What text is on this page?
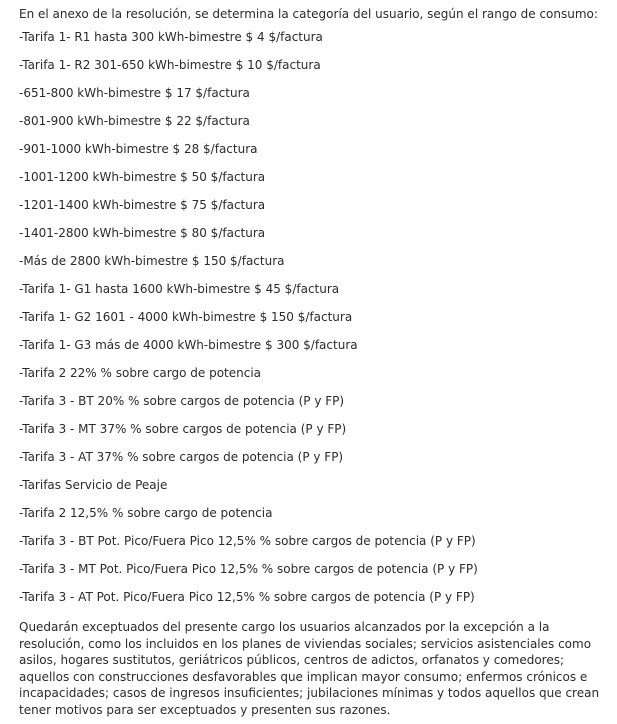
En el anexo de la resolución, se determina la categoría del usuario, según el rango de consumo:

-Tarifa 1- R1 hasta 300 kWh-bimestre $ 4 $/factura
-Tarifa 1- R2 301-650 kWh-bimestre $ 10 $/factura
-651-800 kWh-bimestre $ 17 $/factura
-801-900 kWh-bimestre $ 22 $/factura
-901-1000 kWh-bimestre $ 28 $/factura
-1001-1200 kWh-bimestre $ 50 $/factura
-1201-1400 kWh-bimestre $ 75 $/factura
-1401-2800 kWh-bimestre $ 80 $/factura
-Más de 2800 kWh-bimestre $ 150 $/factura
-Tarifa 1- G1 hasta 1600 kWh-bimestre $ 45 $/factura
-Tarifa 1- G2 1601 - 4000 kWh-bimestre $ 150 $/factura
-Tarifa 1- G3 más de 4000 kWh-bimestre $ 300 $/factura
-Tarifa 2 22% % sobre cargo de potencia
-Tarifa 3 - BT 20% % sobre cargos de potencia (P y FP)
-Tarifa 3 - MT 37% % sobre cargos de potencia (P y FP)
-Tarifa 3 - AT 37% % sobre cargos de potencia (P y FP)
-Tarifas Servicio de Peaje
-Tarifa 2 12,5% % sobre cargo de potencia
-Tarifa 3 - BT Pot. Pico/Fuera Pico 12,5% % sobre cargos de potencia (P y FP)
-Tarifa 3 - MT Pot. Pico/Fuera Pico 12,5% % sobre cargos de potencia (P y FP)
-Tarifa 3 - AT Pot. Pico/Fuera Pico 12,5% % sobre cargos de potencia (P y FP)

Quedarán exceptuados del presente cargo los usuarios alcanzados por la excepción a la resolución, como los incluidos en los planes de viviendas sociales; servicios asistenciales como asilos, hogares sustitutos, geriátricos públicos, centros de adictos, orfanatos y comedores; aquellos con construcciones desfavorables que implican mayor consumo; enfermos crónicos e incapacidades; casos de ingresos insuficientes; jubilaciones mínimas y todos aquellos que crean tener motivos para ser exceptuados y presenten sus razones.
